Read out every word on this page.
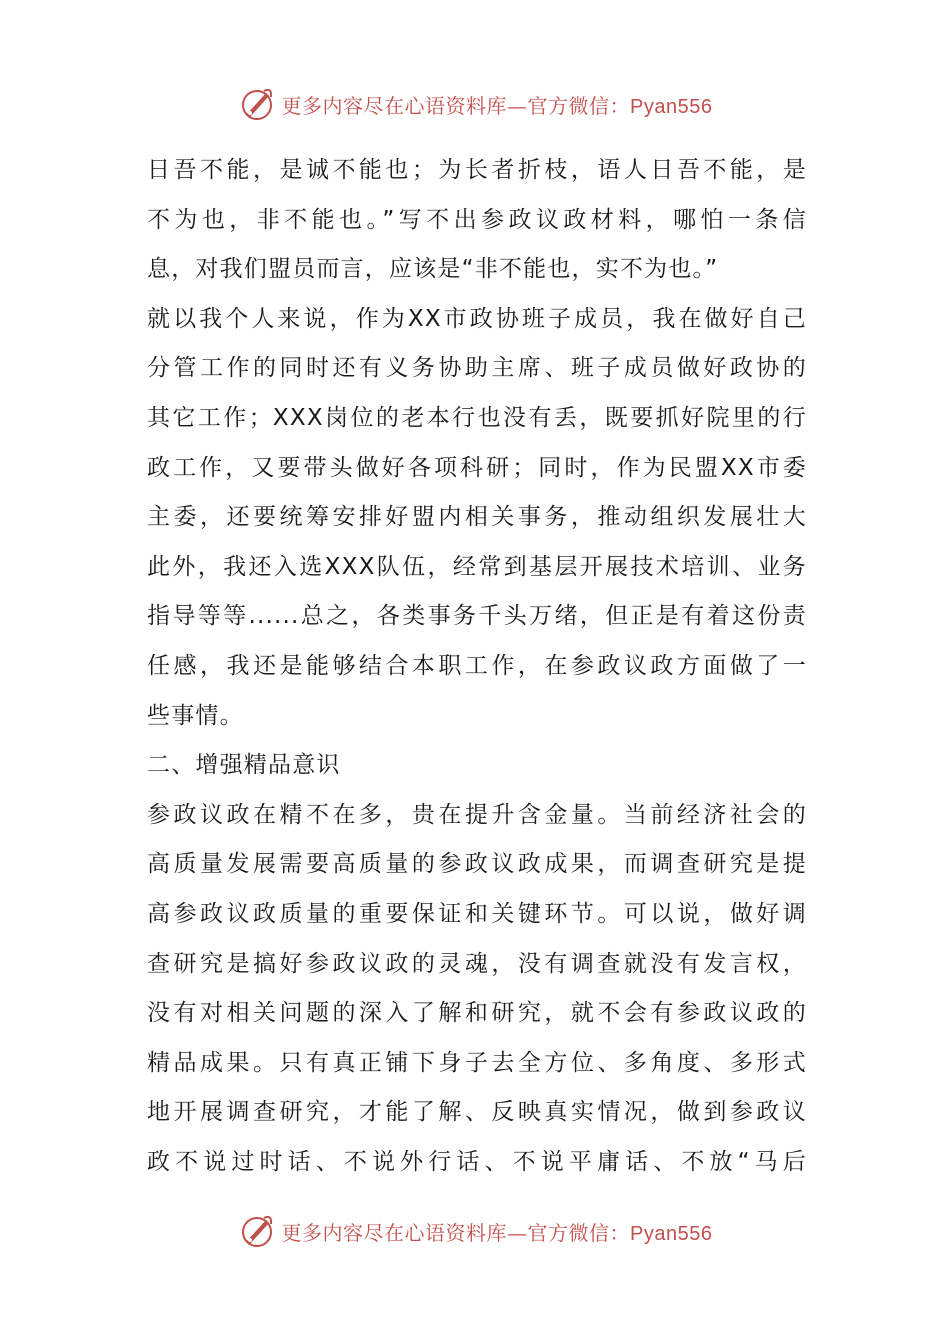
更多内容尽在心语资料库—官方微信：Pyan556
日吾不能，是诚不能也；为长者折枝，语人日吾不能，是
不为也，非不能也。”写不出参政议政材料，哪怕一条信
息，对我们盟员而言，应该是“非不能也，实不为也。”
就以我个人来说，作为XX市政协班子成员，我在做好自己
分管工作的同时还有义务协助主席、班子成员做好政协的
其它工作；XXX岗位的老本行也没有丢，既要抓好院里的行
政工作，又要带头做好各项科研；同时，作为民盟XX市委
主委，还要统筹安排好盟内相关事务，推动组织发展壮大
此外，我还入选XXX队伍，经常到基层开展技术培训、业务
指导等等......总之，各类事务千头万绪，但正是有着这份责
任感，我还是能够结合本职工作，在参政议政方面做了一
些事情。
二、增强精品意识
参政议政在精不在多，贵在提升含金量。当前经济社会的
高质量发展需要高质量的参政议政成果，而调查研究是提
高参政议政质量的重要保证和关键环节。可以说，做好调
查研究是搞好参政议政的灵魂，没有调查就没有发言权，
没有对相关问题的深入了解和研究，就不会有参政议政的
精品成果。只有真正铺下身子去全方位、多角度、多形式
地开展调查研究，才能了解、反映真实情况，做到参政议
政不说过时话、不说外行话、不说平庸话、不放“马后
更多内容尽在心语资料库—官方微信：Pyan556
